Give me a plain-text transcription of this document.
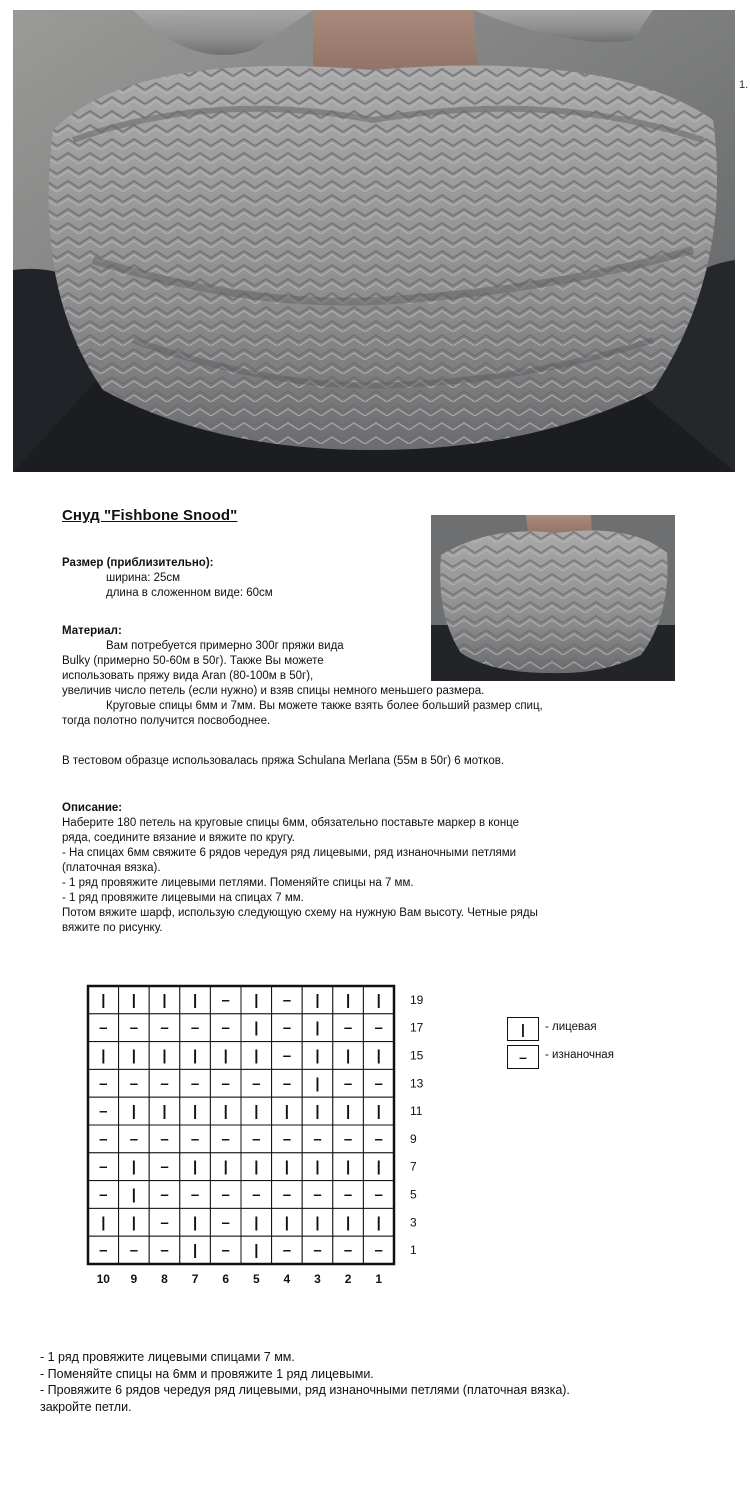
1.
Снуд "Fishbone Snood"
Размер (приблизительно):
ширина: 25см
длина в сложенном виде: 60см
Материал:
Вам потребуется примерно 300г пряжи вида
Bulky (примерно 50-60м в 50г). Также Вы можете
использовать пряжу вида Aran (80-100м в 50г),
увеличив число петель (если нужно) и взяв спицы немного меньшего размера.
Круговые спицы 6мм и 7мм. Вы можете также взять более больший размер спиц,
тогда полотно получится посвободнее.
В тестовом образце использовалась пряжа Schulana Merlana (55м в 50г) 6 мотков.
Описание:
Наберите 180 петель на круговые спицы 6мм, обязательно поставьте маркер в конце
ряда, соедините вязание и вяжите по кругу.
- На спицах 6мм свяжите 6 рядов чередуя ряд лицевыми, ряд изнаночными петлями
(платочная вязка).
- 1 ряд провяжите лицевыми петлями. Поменяйте спицы на 7 мм.
- 1 ряд провяжите лицевыми на спицах 7 мм.
Потом вяжите шарф, использую следующую схему на нужную Вам высоту. Четные ряды
вяжите по рисунку.
| | | | – | – | | |
– – – – – | – | – –
| | | | | | – | | |
– – – – – – – | – –
– | | | | | | | | |
– – – – – – – – – –
– | – | | | | | | |
– | – – – – – – – –
| | – | – | | | | |
– – – | – | – – – –
19
17
15
13
11
9
7
5
3
1
10 9 8 7 6 5 4 3 2 1
|	- лицевая
–	- изнаночная
- 1 ряд провяжите лицевыми спицами 7 мм.
- Поменяйте спицы на 6мм и провяжите 1 ряд лицевыми.
- Провяжите 6 рядов чередуя ряд лицевыми, ряд изнаночными петлями (платочная вязка).
закройте петли.
